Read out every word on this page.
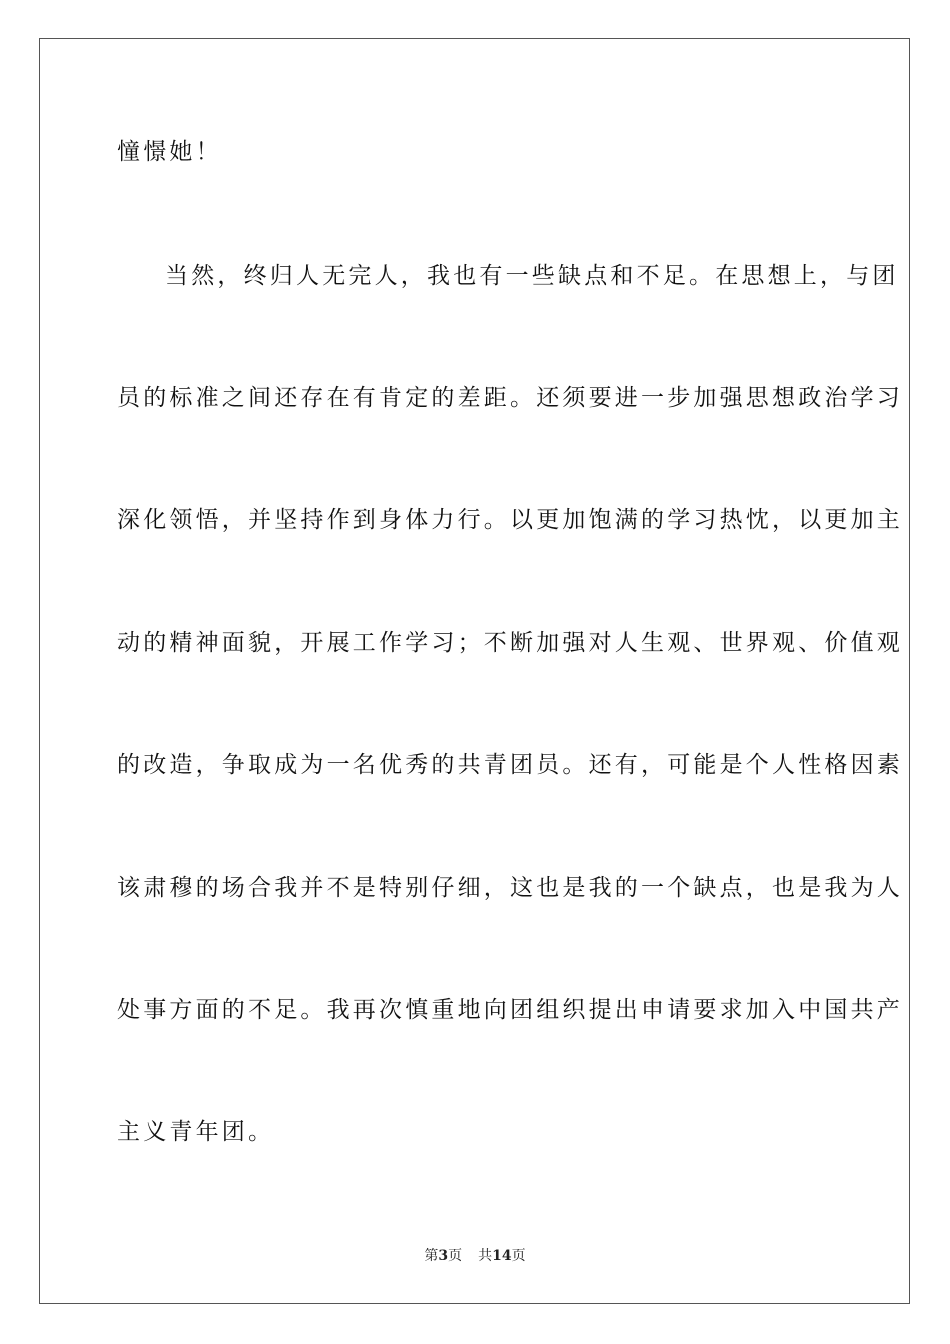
憧憬她！
当然，终归人无完人，我也有一些缺点和不足。在思想上，与团
员的标准之间还存在有肯定的差距。还须要进一步加强思想政治学习
深化领悟，并坚持作到身体力行。以更加饱满的学习热忱，以更加主
动的精神面貌，开展工作学习；不断加强对人生观、世界观、价值观
的改造，争取成为一名优秀的共青团员。还有，可能是个人性格因素
该肃穆的场合我并不是特别仔细，这也是我的一个缺点，也是我为人
处事方面的不足。我再次慎重地向团组织提出申请要求加入中国共产
主义青年团。
第3页 共14页
